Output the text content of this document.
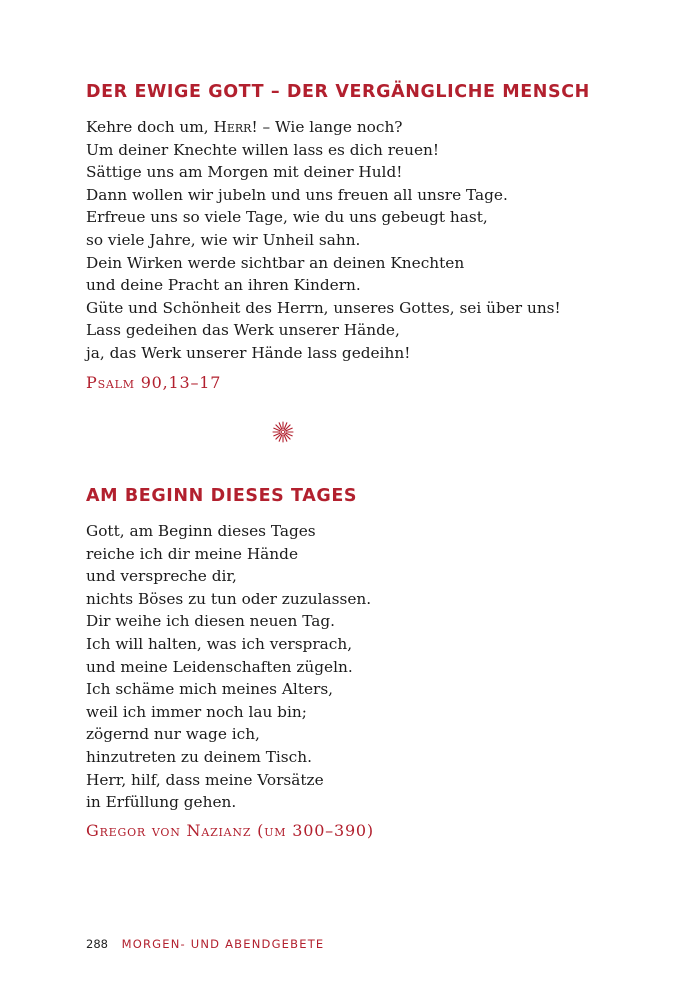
DER EWIGE GOTT – DER VERGÄNGLICHE MENSCH
Kehre doch um, Herr! – Wie lange noch?
Um deiner Knechte willen lass es dich reuen!
Sättige uns am Morgen mit deiner Huld!
Dann wollen wir jubeln und uns freuen all unsre Tage.
Erfreue uns so viele Tage, wie du uns gebeugt hast,
so viele Jahre, wie wir Unheil sahn.
Dein Wirken werde sichtbar an deinen Knechten
und deine Pracht an ihren Kindern.
Güte und Schönheit des Herrn, unseres Gottes, sei über uns!
Lass gedeihen das Werk unserer Hände,
ja, das Werk unserer Hände lass gedeihn!
Psalm 90,13–17
AM BEGINN DIESES TAGES
Gott, am Beginn dieses Tages
reiche ich dir meine Hände
und verspreche dir,
nichts Böses zu tun oder zuzulassen.
Dir weihe ich diesen neuen Tag.
Ich will halten, was ich versprach,
und meine Leidenschaften zügeln.
Ich schäme mich meines Alters,
weil ich immer noch lau bin;
zögernd nur wage ich,
hinzutreten zu deinem Tisch.
Herr, hilf, dass meine Vorsätze
in Erfüllung gehen.
Gregor von Nazianz (um 300–390)
288 MORGEN- UND ABENDGEBETE
